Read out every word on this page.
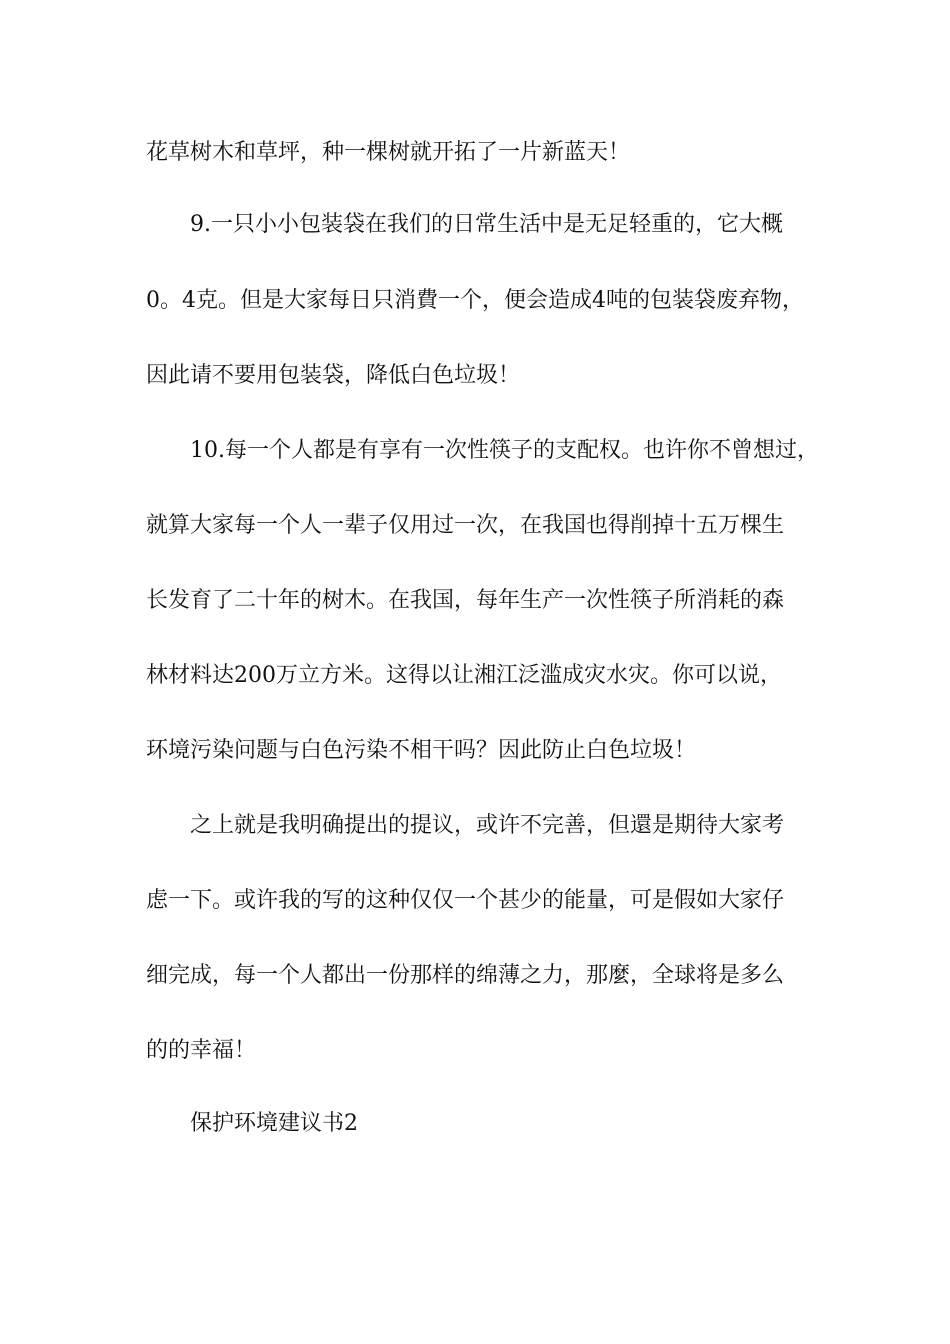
花草树木和草坪，种一棵树就开拓了一片新蓝天！

9.一只小小包装袋在我们的日常生活中是无足轻重的，它大概

0。4克。但是大家每日只消費一个，便会造成4吨的包装袋废弃物，

因此请不要用包装袋，降低白色垃圾！

10.每一个人都是有享有一次性筷子的支配权。也许你不曾想过，

就算大家每一个人一辈子仅用过一次，在我国也得削掉十五万棵生

长发育了二十年的树木。在我国，每年生产一次性筷子所消耗的森

林材料达200万立方米。这得以让湘江泛滥成灾水灾。你可以说，

环境污染问题与白色污染不相干吗？因此防止白色垃圾！

之上就是我明确提出的提议，或许不完善，但還是期待大家考

虑一下。或许我的写的这种仅仅一个甚少的能量，可是假如大家仔

细完成，每一个人都出一份那样的绵薄之力，那麼，全球将是多么

的的幸福！

保护环境建议书2
